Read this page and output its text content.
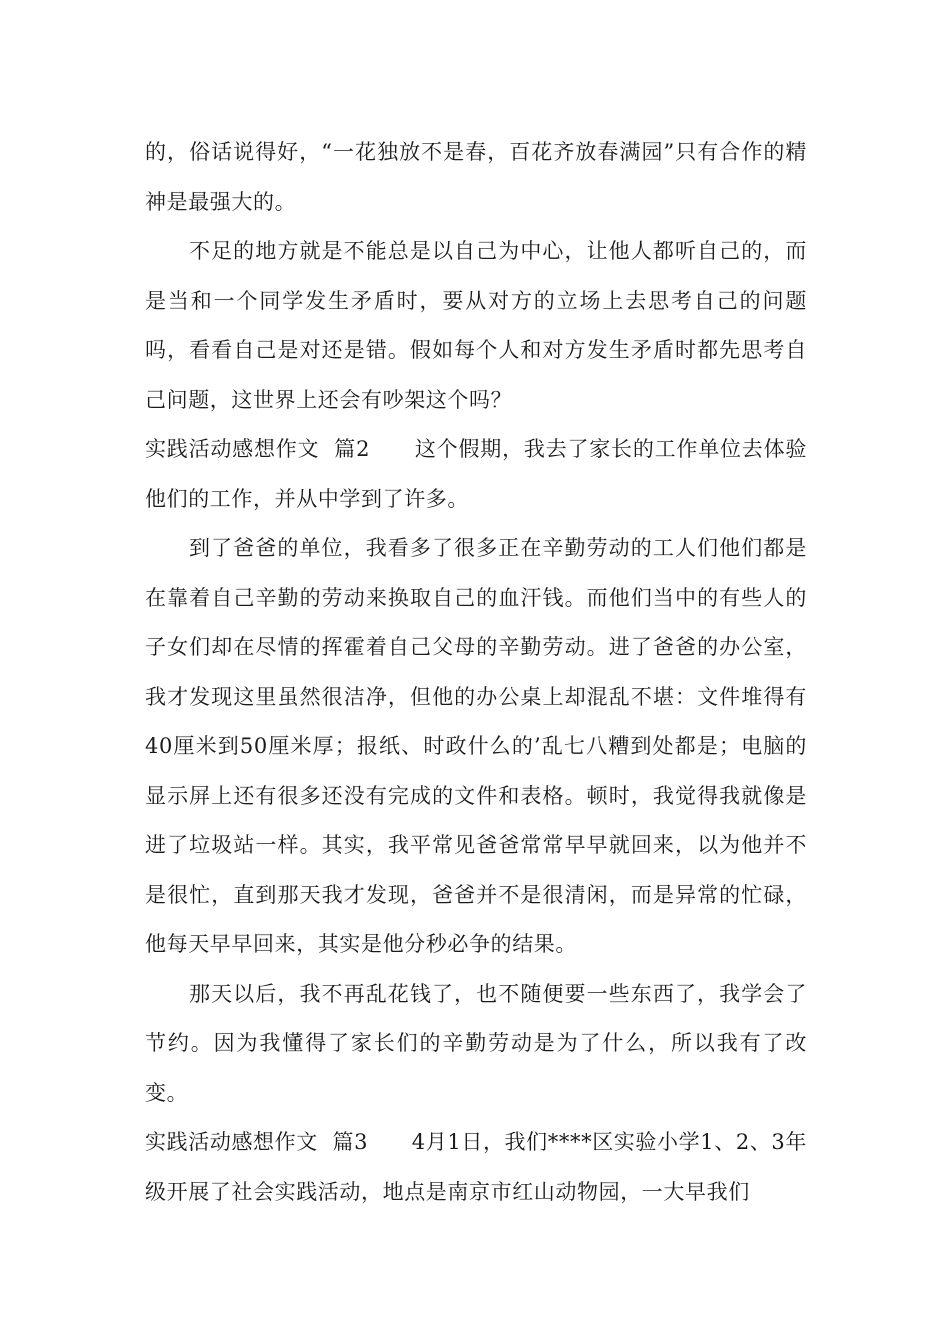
的，俗话说得好，“一花独放不是春，百花齐放春满园”只有合作的精神是最强大的。

不足的地方就是不能总是以自己为中心，让他人都听自己的，而是当和一个同学发生矛盾时，要从对方的立场上去思考自己的问题吗，看看自己是对还是错。假如每个人和对方发生矛盾时都先思考自己问题，这世界上还会有吵架这个吗？

实践活动感想作文  篇2 这个假期，我去了家长的工作单位去体验他们的工作，并从中学到了许多。

到了爸爸的单位，我看多了很多正在辛勤劳动的工人们他们都是在靠着自己辛勤的劳动来换取自己的血汗钱。而他们当中的有些人的子女们却在尽情的挥霍着自己父母的辛勤劳动。进了爸爸的办公室，我才发现这里虽然很洁净，但他的办公桌上却混乱不堪：文件堆得有40厘米到50厘米厚；报纸、时政什么的’乱七八糟到处都是；电脑的显示屏上还有很多还没有完成的文件和表格。顿时，我觉得我就像是进了垃圾站一样。其实，我平常见爸爸常常早早就回来，以为他并不是很忙，直到那天我才发现，爸爸并不是很清闲，而是异常的忙碌，他每天早早回来，其实是他分秒必争的结果。

那天以后，我不再乱花钱了，也不随便要一些东西了，我学会了节约。因为我懂得了家长们的辛勤劳动是为了什么，所以我有了改变。

实践活动感想作文  篇3 4月1日，我们****区实验小学1、2、3年级开展了社会实践活动，地点是南京市红山动物园，一大早我们
